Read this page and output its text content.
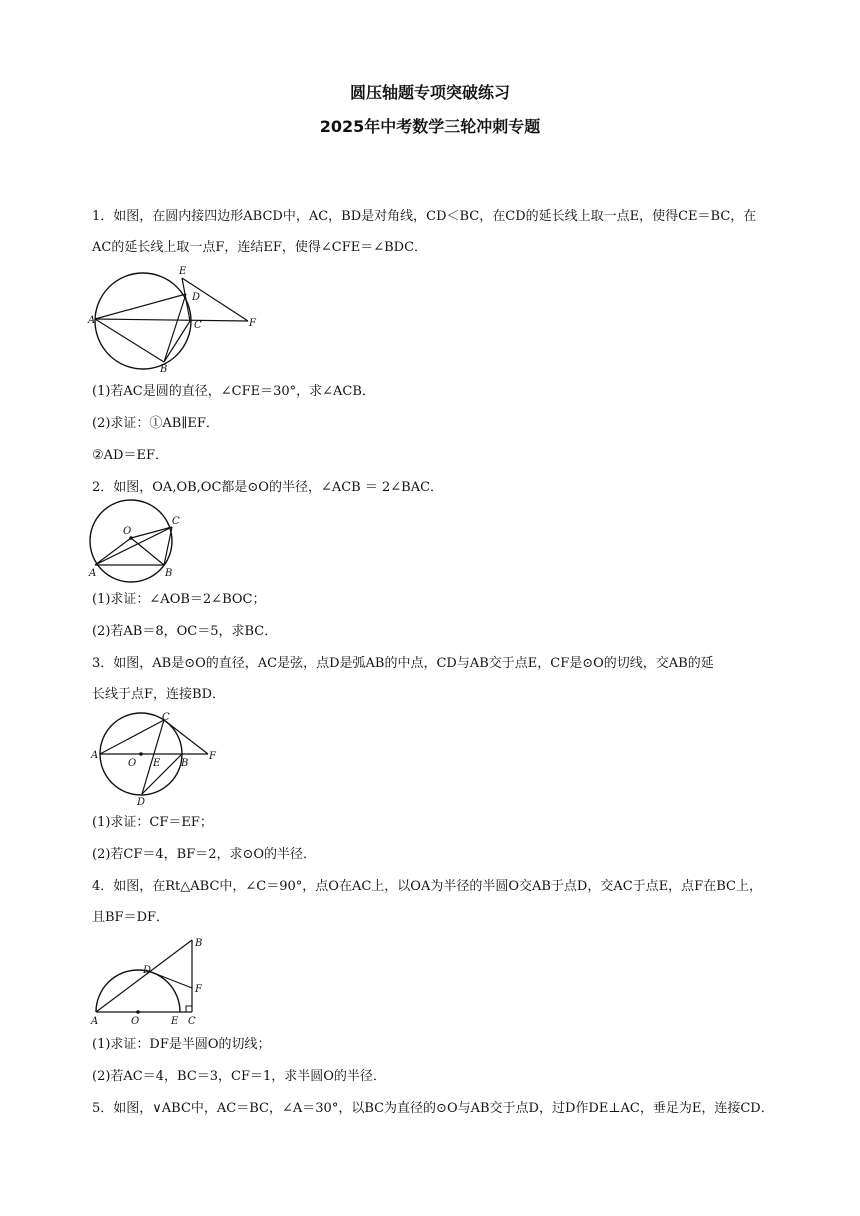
圆压轴题专项突破练习
2025年中考数学三轮冲刺专题
1．如图，在圆内接四边形ABCD中，AC，BD是对角线，CD＜BC，在CD的延长线上取一点E，使得CE＝BC，在
AC的延长线上取一点F，连结EF，使得∠CFE＝∠BDC．
E
D
A	C	F
B
(1)若AC是圆的直径，∠CFE＝30°，求∠ACB．
(2)求证：①AB∥EF．
②AD＝EF．
2．如图，OA,OB,OC都是⊙O的半径，∠ACB ＝ 2∠BAC．
O
C
A	B
(1)求证：∠AOB＝2∠BOC；
(2)若AB＝8，OC＝5，求BC．
3．如图，AB是⊙O的直径，AC是弦，点D是弧AB的中点，CD与AB交于点E，CF是⊙O的切线，交AB的延
长线于点F，连接BD．
C
A
O E B
F
D
(1)求证：CF＝EF；
(2)若CF＝4，BF＝2，求⊙O的半径．
4．如图，在Rt△ABC中，∠C＝90°，点O在AC上，以OA为半径的半圆O交AB于点D，交AC于点E，点F在BC上，
且BF＝DF．
B
D
F
A	O	E C
(1)求证：DF是半圆O的切线；
(2)若AC＝4，BC＝3，CF＝1，求半圆O的半径．
5．如图，∨ABC中，AC＝BC，∠A＝30°，以BC为直径的⊙O与AB交于点D，过D作DE⊥AC，垂足为E，连接CD．
